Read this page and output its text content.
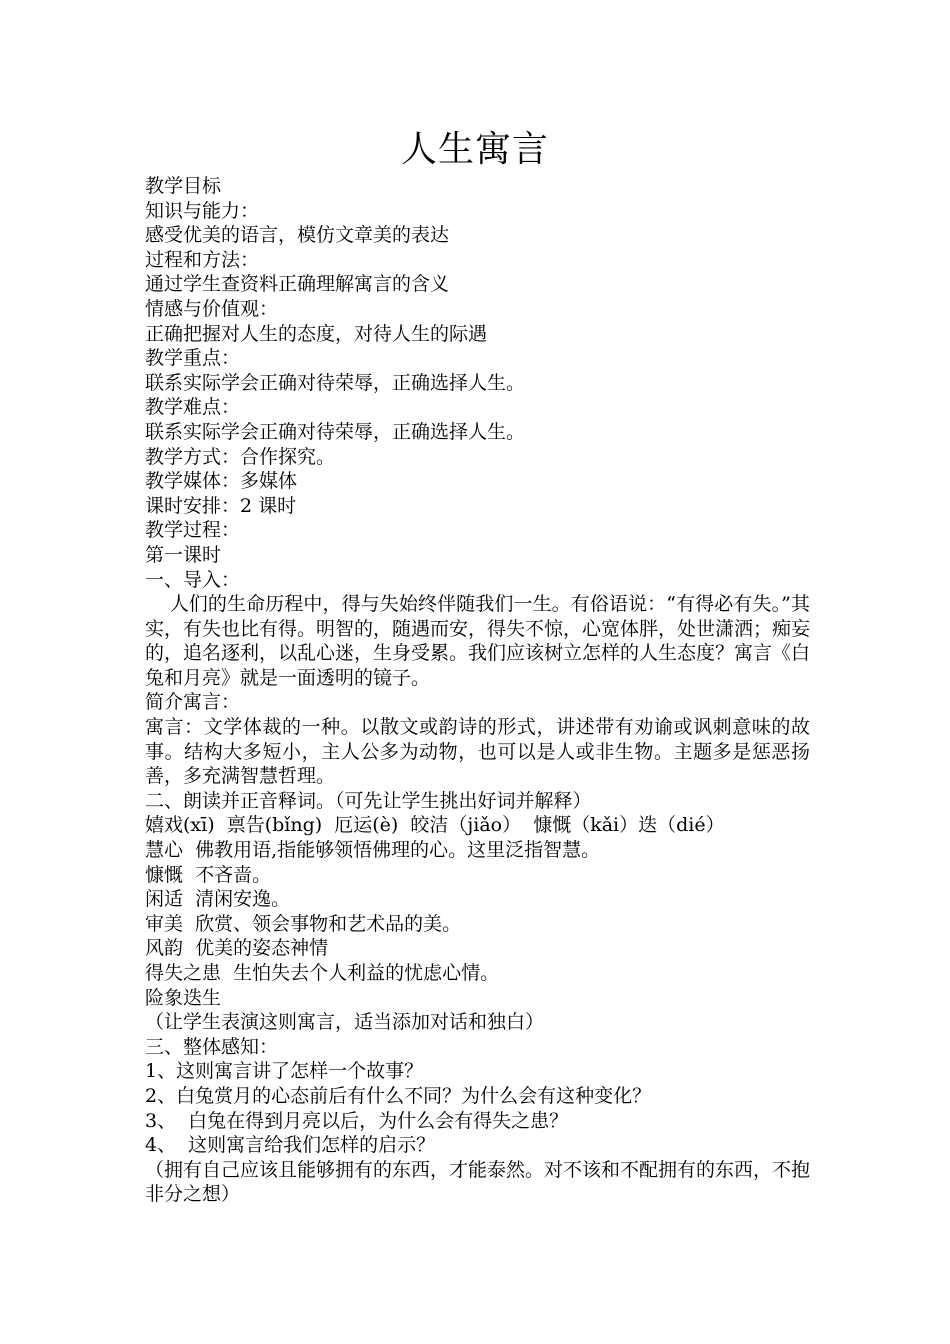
人生寓言
教学目标
知识与能力：
感受优美的语言，模仿文章美的表达
过程和方法：
通过学生查资料正确理解寓言的含义
情感与价值观：
正确把握对人生的态度，对待人生的际遇
教学重点：
联系实际学会正确对待荣辱，正确选择人生。
教学难点：
联系实际学会正确对待荣辱，正确选择人生。
教学方式：合作探究。
教学媒体：多媒体
课时安排：2 课时
教学过程：
第一课时
一、导入：
人们的生命历程中，得与失始终伴随我们一生。有俗语说：“有得必有失。”其实，有失也比有得。明智的，随遇而安，得失不惊，心宽体胖，处世潇洒；痴妄的，追名逐利，以乱心迷，生身受累。我们应该树立怎样的人生态度？寓言《白兔和月亮》就是一面透明的镜子。
简介寓言：
寓言：文学体裁的一种。以散文或韵诗的形式，讲述带有劝谕或讽刺意味的故事。结构大多短小，主人公多为动物，也可以是人或非生物。主题多是惩恶扬善，多充满智慧哲理。
二、朗读并正音释词。（可先让学生挑出好词并解释）
嬉戏(xī)  禀告(bǐng)  厄运(è)  皎洁（jiǎo）  慷慨（kǎi）迭（dié）
慧心  佛教用语,指能够领悟佛理的心。这里泛指智慧。
慷慨  不吝啬。
闲适  清闲安逸。
审美  欣赏、领会事物和艺术品的美。
风韵  优美的姿态神情
得失之患  生怕失去个人利益的忧虑心情。
险象迭生
（让学生表演这则寓言，适当添加对话和独白）
三、整体感知：
1、这则寓言讲了怎样一个故事？
2、白兔赏月的心态前后有什么不同？为什么会有这种变化？
3、  白兔在得到月亮以后，为什么会有得失之患？
4、  这则寓言给我们怎样的启示？
（拥有自己应该且能够拥有的东西，才能泰然。对不该和不配拥有的东西，不抱非分之想）
